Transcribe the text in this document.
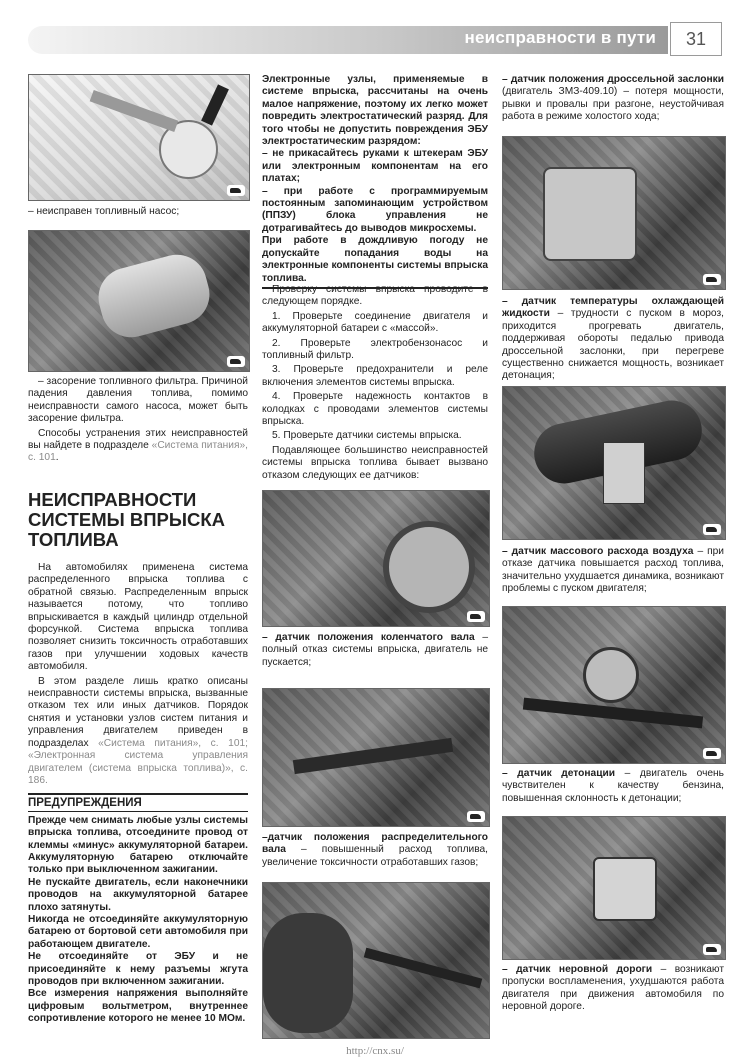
неисправности в пути	31
– неисправен топливный насос;

– засорение топливного фильтра. Причиной падения давления топлива, помимо неисправности самого насоса, может быть засорение фильтра.

Способы устранения этих неисправностей вы найдете в подразделе «Система питания», с. 101.

НЕИСПРАВНОСТИ СИСТЕМЫ ВПРЫСКА ТОПЛИВА

На автомобилях применена система распределенного впрыска топлива с обратной связью. Распределенным впрыск называется потому, что топливо впрыскивается в каждый цилиндр отдельной форсункой. Система впрыска топлива позволяет снизить токсичность отработавших газов при улучшении ходовых качеств автомобиля.

В этом разделе лишь кратко описаны неисправности системы впрыска, вызванные отказом тех или иных датчиков. Порядок снятия и установки узлов систем питания и управления двигателем приведен в подразделах «Система питания», с. 101; «Электронная система управления двигателем (система впрыска топлива)», с. 186.

ПРЕДУПРЕЖДЕНИЯ

Прежде чем снимать любые узлы системы впрыска топлива, отсоедините провод от клеммы «минус» аккумуляторной батареи. Аккумуляторную батарею отключайте только при выключенном зажигании.

Не пускайте двигатель, если наконечники проводов на аккумуляторной батарее плохо затянуты.

Никогда не отсоединяйте аккумуляторную батарею от бортовой сети автомобиля при работающем двигателе.

Не отсоединяйте от ЭБУ и не присоединяйте к нему разъемы жгута проводов при включенном зажигании.

Все измерения напряжения выполняйте цифровым вольтметром, внутреннее сопротивление которого не менее 10 МОм.

Электронные узлы, применяемые в системе впрыска, рассчитаны на очень малое напряжение, поэтому их легко может повредить электростатический разряд. Для того чтобы не допустить повреждения ЭБУ электростатическим разрядом:

– не прикасайтесь руками к штекерам ЭБУ или электронным компонентам на его платах;

– при работе с программируемым постоянным запоминающим устройством (ППЗУ) блока управления не дотрагивайтесь до выводов микросхемы.

При работе в дождливую погоду не допускайте попадания воды на электронные компоненты системы впрыска топлива.

Проверку системы впрыска проводите в следующем порядке.

1. Проверьте соединение двигателя и аккумуляторной батареи с «массой».

2. Проверьте электробензонасос и топливный фильтр.

3. Проверьте предохранители и реле включения элементов системы впрыска.

4. Проверьте надежность контактов в колодках с проводами элементов системы впрыска.

5. Проверьте датчики системы впрыска.

Подавляющее большинство неисправностей системы впрыска топлива бывает вызвано отказом следующих ее датчиков:

– датчик положения коленчатого вала – полный отказ системы впрыска, двигатель не пускается;
–датчик положения распределительного вала – повышенный расход топлива, увеличение токсичности отработавших газов;
– датчик положения дроссельной заслонки (двигатель ЗМЗ-409.10) – потеря мощности, рывки и провалы при разгоне, неустойчивая работа в режиме холостого хода;
– датчик температуры охлаждающей жидкости – трудности с пуском в мороз, приходится прогревать двигатель, поддерживая обороты педалью привода дроссельной заслонки, при перегреве существенно снижается мощность, возникает детонация;
– датчик массового расхода воздуха – при отказе датчика повышается расход топлива, значительно ухудшается динамика, возникают проблемы с пуском двигателя;
– датчик детонации – двигатель очень чувствителен к качеству бензина, повышенная склонность к детонации;
– датчик неровной дороги – возникают пропуски воспламенения, ухудшаются работа двигателя при движения автомобиля по неровной дороге.
http://cnx.su/
